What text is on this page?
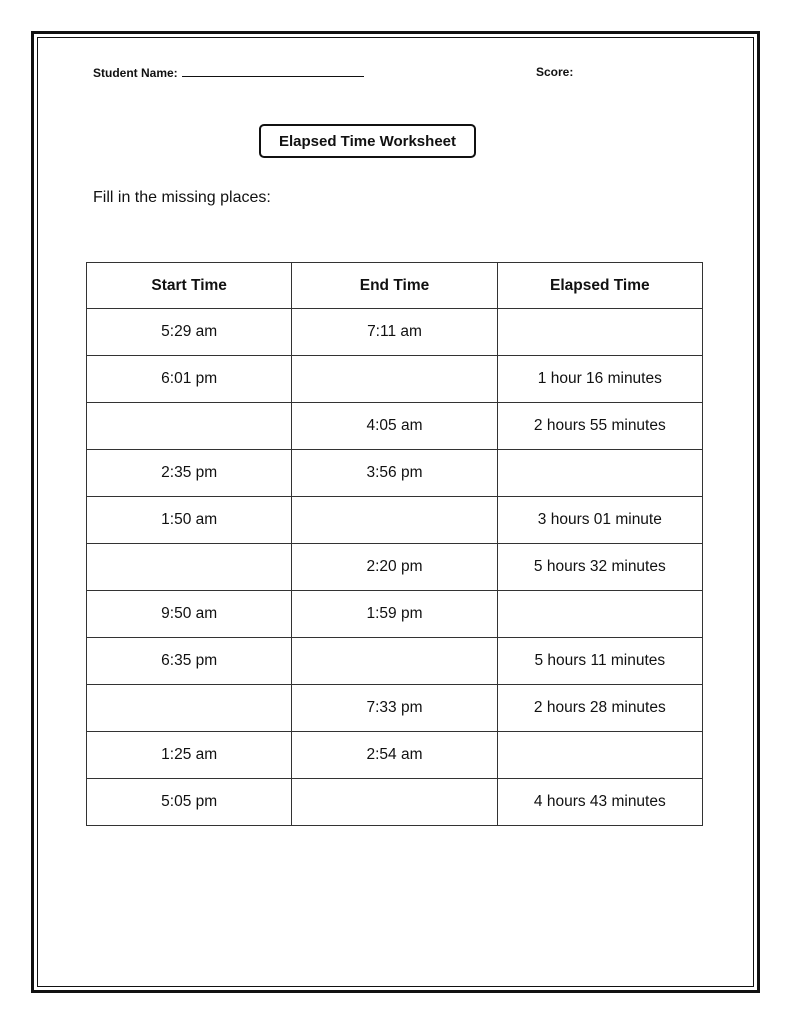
Student Name:	Score:
Elapsed Time Worksheet
Fill in the missing places:
Start Time	End Time	Elapsed Time
5:29 am	7:11 am	
6:01 pm		1 hour 16 minutes
	4:05 am	2 hours 55 minutes
2:35 pm	3:56 pm	
1:50 am		3 hours 01 minute
	2:20 pm	5 hours 32 minutes
9:50 am	1:59 pm	
6:35 pm		5 hours 11 minutes
	7:33 pm	2 hours 28 minutes
1:25 am	2:54 am	
5:05 pm		4 hours 43 minutes
